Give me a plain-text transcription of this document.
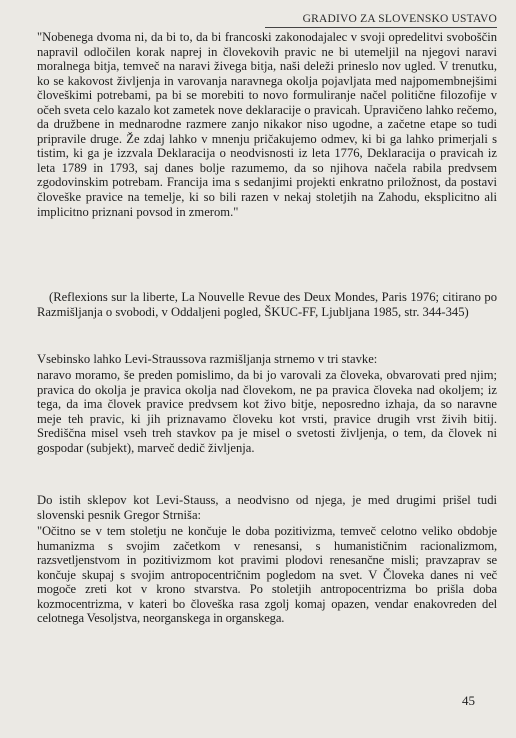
GRADIVO ZA SLOVENSKO USTAVO

"Nobenega dvoma ni, da bi to, da bi francoski zakonodajalec v svoji opredelitvi svoboščin napravil odločilen korak naprej in človekovih pravic ne bi utemeljil na njegovi naravi moralnega bitja, temveč na naravi živega bitja, naši deleži prineslo nov ugled. V trenutku, ko se kakovost življenja in varovanja naravnega okolja pojavljata med najpomembnejšimi človeškimi potrebami, pa bi se morebiti to novo formuliranje načel politične filozofije v očeh sveta celo kazalo kot zametek nove deklaracije o pravicah. Upravičeno lahko rečemo, da družbene in mednarodne razmere zanjo nikakor niso ugodne, a začetne etape so tudi pripravile druge. Že zdaj lahko v mnenju pričakujemo odmev, ki bi ga lahko primerjali s tistim, ki ga je izzvala Deklaracija o neodvisnosti iz leta 1776, Deklaracija o pravicah iz leta 1789 in 1793, saj danes bolje razumemo, da so njihova načela rabila predvsem zgodovinskim potrebam. Francija ima s sedanjimi projekti enkratno priložnost, da postavi človeške pravice na temelje, ki so bili razen v nekaj stoletjih na Zahodu, eksplicitno ali implicitno priznani povsod in zmerom."

(Reflexions sur la liberte, La Nouvelle Revue des Deux Mondes, Paris 1976; citirano po Razmišljanja o svobodi, v Oddaljeni pogled, ŠKUC-FF, Ljubljana 1985, str. 344-345)

Vsebinsko lahko Levi-Straussova razmišljanja strnemo v tri stavke:

naravo moramo, še preden pomislimo, da bi jo varovali za človeka, obvarovati pred njim; pravica do okolja je pravica okolja nad človekom, ne pa pravica človeka nad okoljem; iz tega, da ima človek pravice predvsem kot živo bitje, neposredno izhaja, da so naravne meje teh pravic, ki jih priznavamo človeku kot vrsti, pravice drugih vrst živih bitij. Središčna misel vseh treh stavkov pa je misel o svetosti življenja, o tem, da človek ni gospodar (subjekt), marveč dedič življenja.

Do istih sklepov kot Levi-Stauss, a neodvisno od njega, je med drugimi prišel tudi slovenski pesnik Gregor Strniša:

"Očitno se v tem stoletju ne končuje le doba pozitivizma, temveč celotno veliko obdobje humanizma s svojim začetkom v renesansi, s humanističnim racionalizmom, razsvetljenstvom in pozitivizmom kot pravimi plodovi renesančne misli; pravzaprav se končuje skupaj s svojim antropocentričnim pogledom na svet. V Človeka danes ni več mogoče zreti kot v krono stvarstva. Po stoletjih antropocentrizma bo prišla doba kozmocentrizma, v kateri bo človeška rasa zgolj komaj opazen, vendar enakovreden del celotnega Vesoljstva, neorganskega in organskega.

45
